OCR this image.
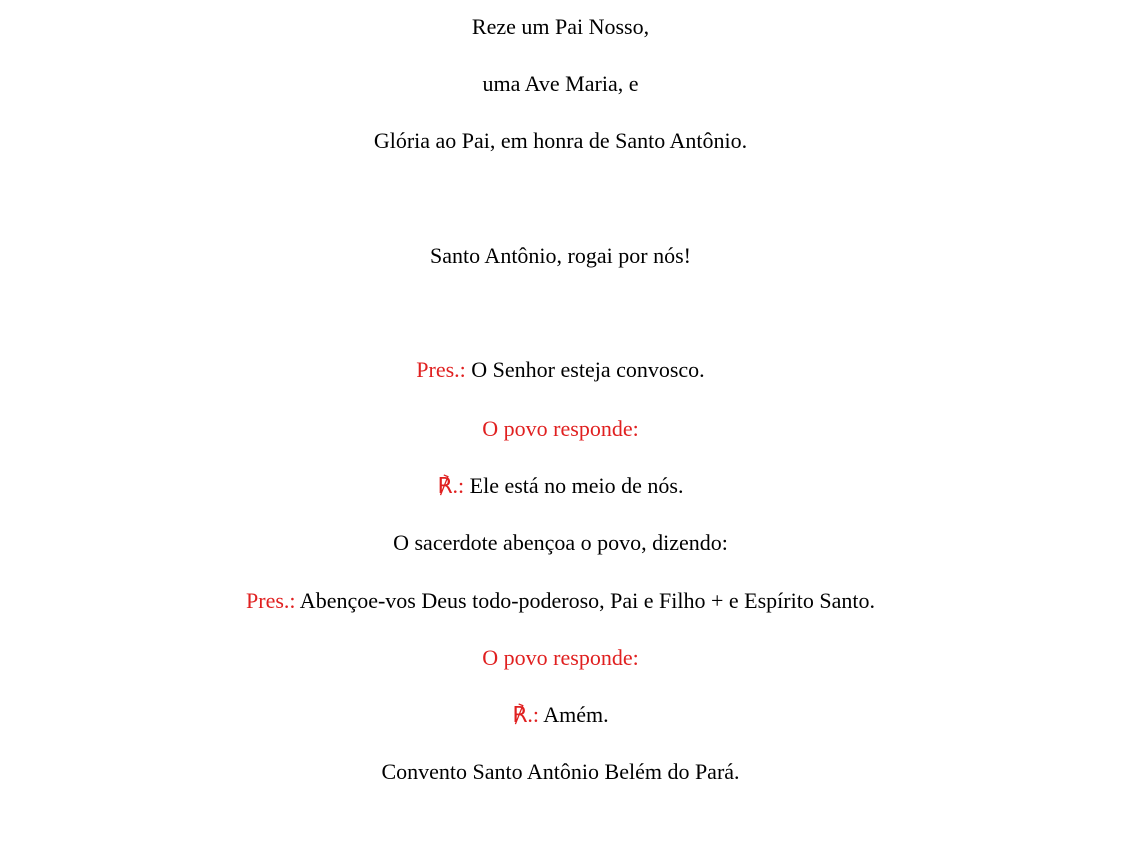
Reze um Pai Nosso,
uma Ave Maria, e
Glória ao Pai, em honra de Santo Antônio.
Santo Antônio, rogai por nós!
Pres.: O Senhor esteja convosco.
O povo responde:
℟.: Ele está no meio de nós.
O sacerdote abençoa o povo, dizendo:
Pres.: Abençoe-vos Deus todo-poderoso, Pai e Filho + e Espírito Santo.
O povo responde:
℟.: Amém.
Convento Santo Antônio Belém do Pará.
